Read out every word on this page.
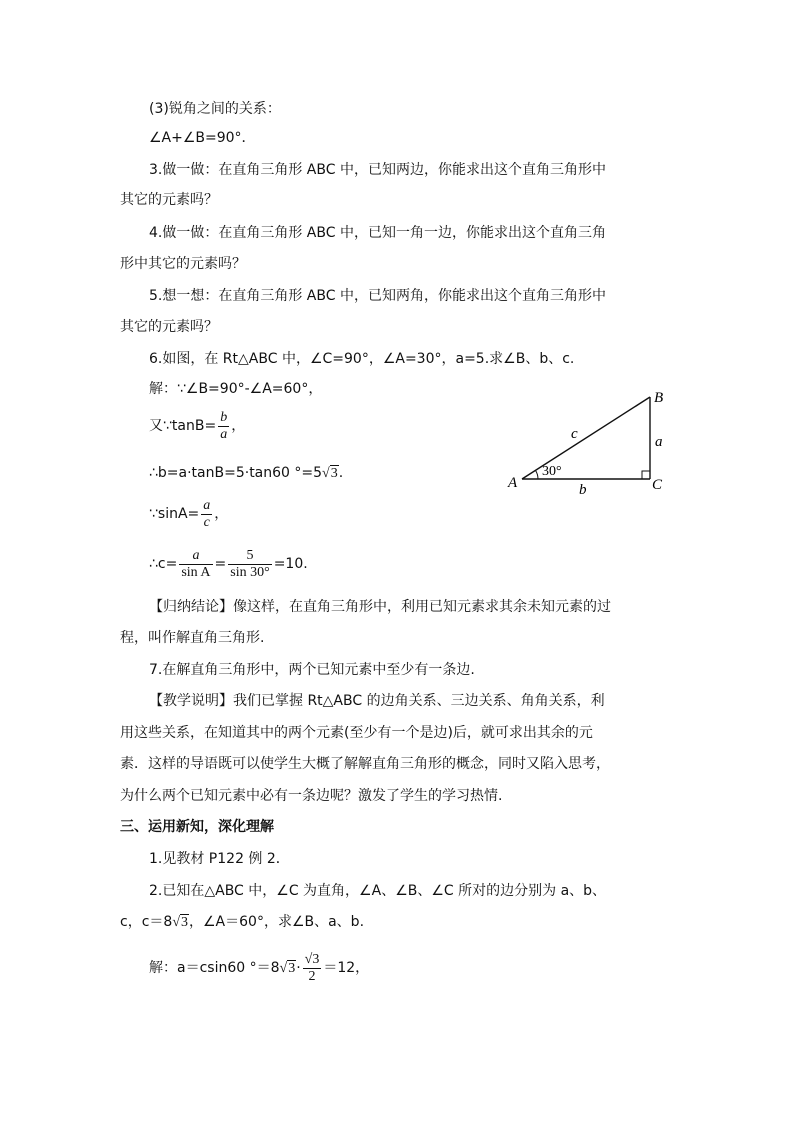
(3)锐角之间的关系：
∠A+∠B=90°．
3.做一做：在直角三角形 ABC 中，已知两边，你能求出这个直角三角形中
其它的元素吗？
4.做一做：在直角三角形 ABC 中，已知一角一边，你能求出这个直角三角
形中其它的元素吗？
5.想一想：在直角三角形 ABC 中，已知两角，你能求出这个直角三角形中
其它的元素吗？
6.如图，在 Rt△ABC 中，∠C=90°，∠A=30°，a=5.求∠B、b、c.
解：∵∠B=90°-∠A=60°，
又∵tanB= $\frac{b}{a}$ ，
∴b=a·tanB=5·tan60 °=5√3.
∵sinA= $\frac{a}{c}$ ，
∴c= $\frac{a}{\text{sin A}} = \frac{5}{\sin 30^\circ} =10$.
A
B
C
a
b
c
30°
【归纳结论】像这样，在直角三角形中，利用已知元素求其余未知元素的过
程，叫作解直角三角形.
7.在解直角三角形中，两个已知元素中至少有一条边.
【教学说明】我们已掌握 Rt△ABC 的边角关系、三边关系、角角关系，利
用这些关系，在知道其中的两个元素(至少有一个是边)后，就可求出其余的元
素．这样的导语既可以使学生大概了解解直角三角形的概念，同时又陷入思考，
为什么两个已知元素中必有一条边呢？激发了学生的学习热情.
三、运用新知，深化理解
1.见教材 P122 例 2．
2.已知在△ABC 中，∠C 为直角，∠A、∠B、∠C 所对的边分别为 a、b、
c，c＝8√3，∠A＝60°，求∠B、a、b.
解：a＝csin60 $^\circ=8√3\cdot \frac{√3}{2} =12$，
